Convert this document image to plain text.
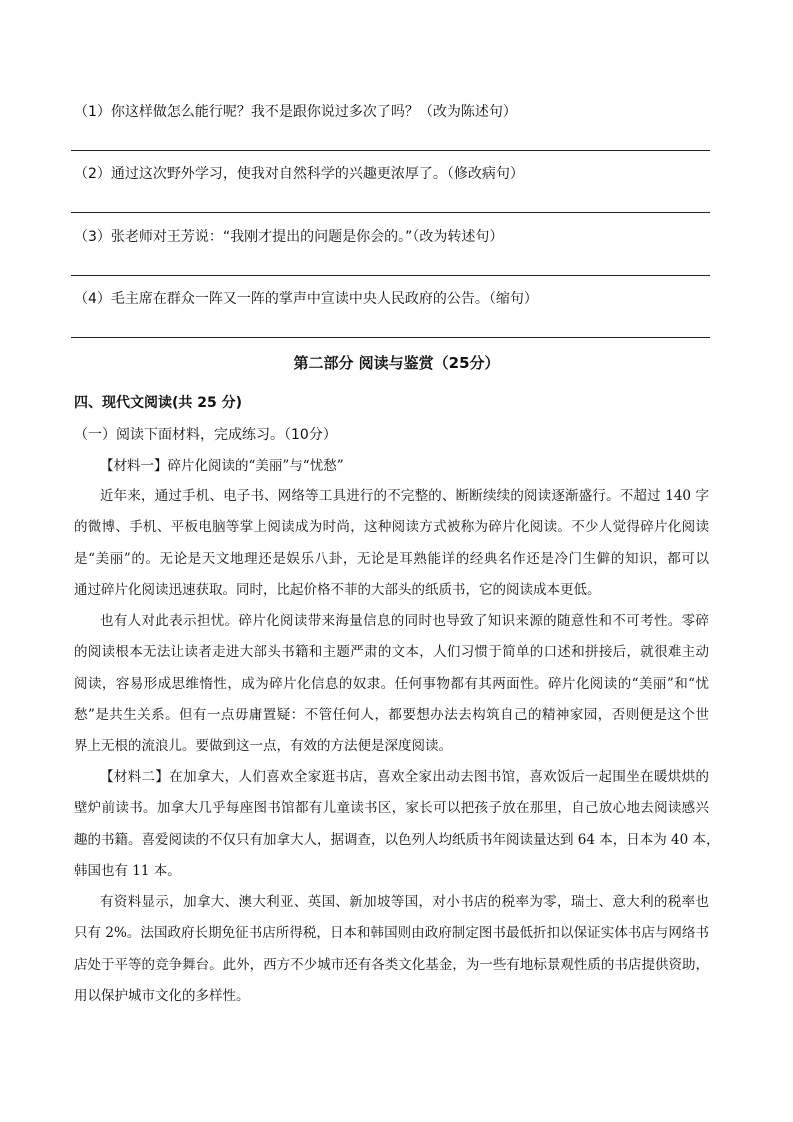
（1）你这样做怎么能行呢？我不是跟你说过多次了吗？（改为陈述句）
（2）通过这次野外学习，使我对自然科学的兴趣更浓厚了。（修改病句）
（3）张老师对王芳说：“我刚才提出的问题是你会的。”（改为转述句）
（4）毛主席在群众一阵又一阵的掌声中宣读中央人民政府的公告。（缩句）
第二部分 阅读与鉴赏（25分）
四、现代文阅读(共 25 分)
（一）阅读下面材料，完成练习。（10分）
【材料一】碎片化阅读的“美丽”与“忧愁”
近年来，通过手机、电子书、网络等工具进行的不完整的、断断续续的阅读逐渐盛行。不超过 140 字
的微博、手机、平板电脑等掌上阅读成为时尚，这种阅读方式被称为碎片化阅读。不少人觉得碎片化阅读
是“美丽”的。无论是天文地理还是娱乐八卦，无论是耳熟能详的经典名作还是冷门生僻的知识，都可以
通过碎片化阅读迅速获取。同时，比起价格不菲的大部头的纸质书，它的阅读成本更低。
也有人对此表示担忧。碎片化阅读带来海量信息的同时也导致了知识来源的随意性和不可考性。零碎
的阅读根本无法让读者走进大部头书籍和主题严肃的文本，人们习惯于简单的口述和拼接后，就很难主动
阅读，容易形成思维惰性，成为碎片化信息的奴隶。任何事物都有其两面性。碎片化阅读的“美丽”和“忧
愁”是共生关系。但有一点毋庸置疑：不管任何人，都要想办法去构筑自己的精神家园，否则便是这个世
界上无根的流浪儿。要做到这一点，有效的方法便是深度阅读。
【材料二】在加拿大，人们喜欢全家逛书店，喜欢全家出动去图书馆，喜欢饭后一起围坐在暖烘烘的
壁炉前读书。加拿大几乎每座图书馆都有儿童读书区，家长可以把孩子放在那里，自己放心地去阅读感兴
趣的书籍。喜爱阅读的不仅只有加拿大人，据调查，以色列人均纸质书年阅读量达到 64 本，日本为 40 本，
韩国也有 11 本。
有资料显示，加拿大、澳大利亚、英国、新加坡等国，对小书店的税率为零，瑞士、意大利的税率也
只有 2%。法国政府长期免征书店所得税，日本和韩国则由政府制定图书最低折扣以保证实体书店与网络书
店处于平等的竞争舞台。此外，西方不少城市还有各类文化基金，为一些有地标景观性质的书店提供资助，
用以保护城市文化的多样性。
